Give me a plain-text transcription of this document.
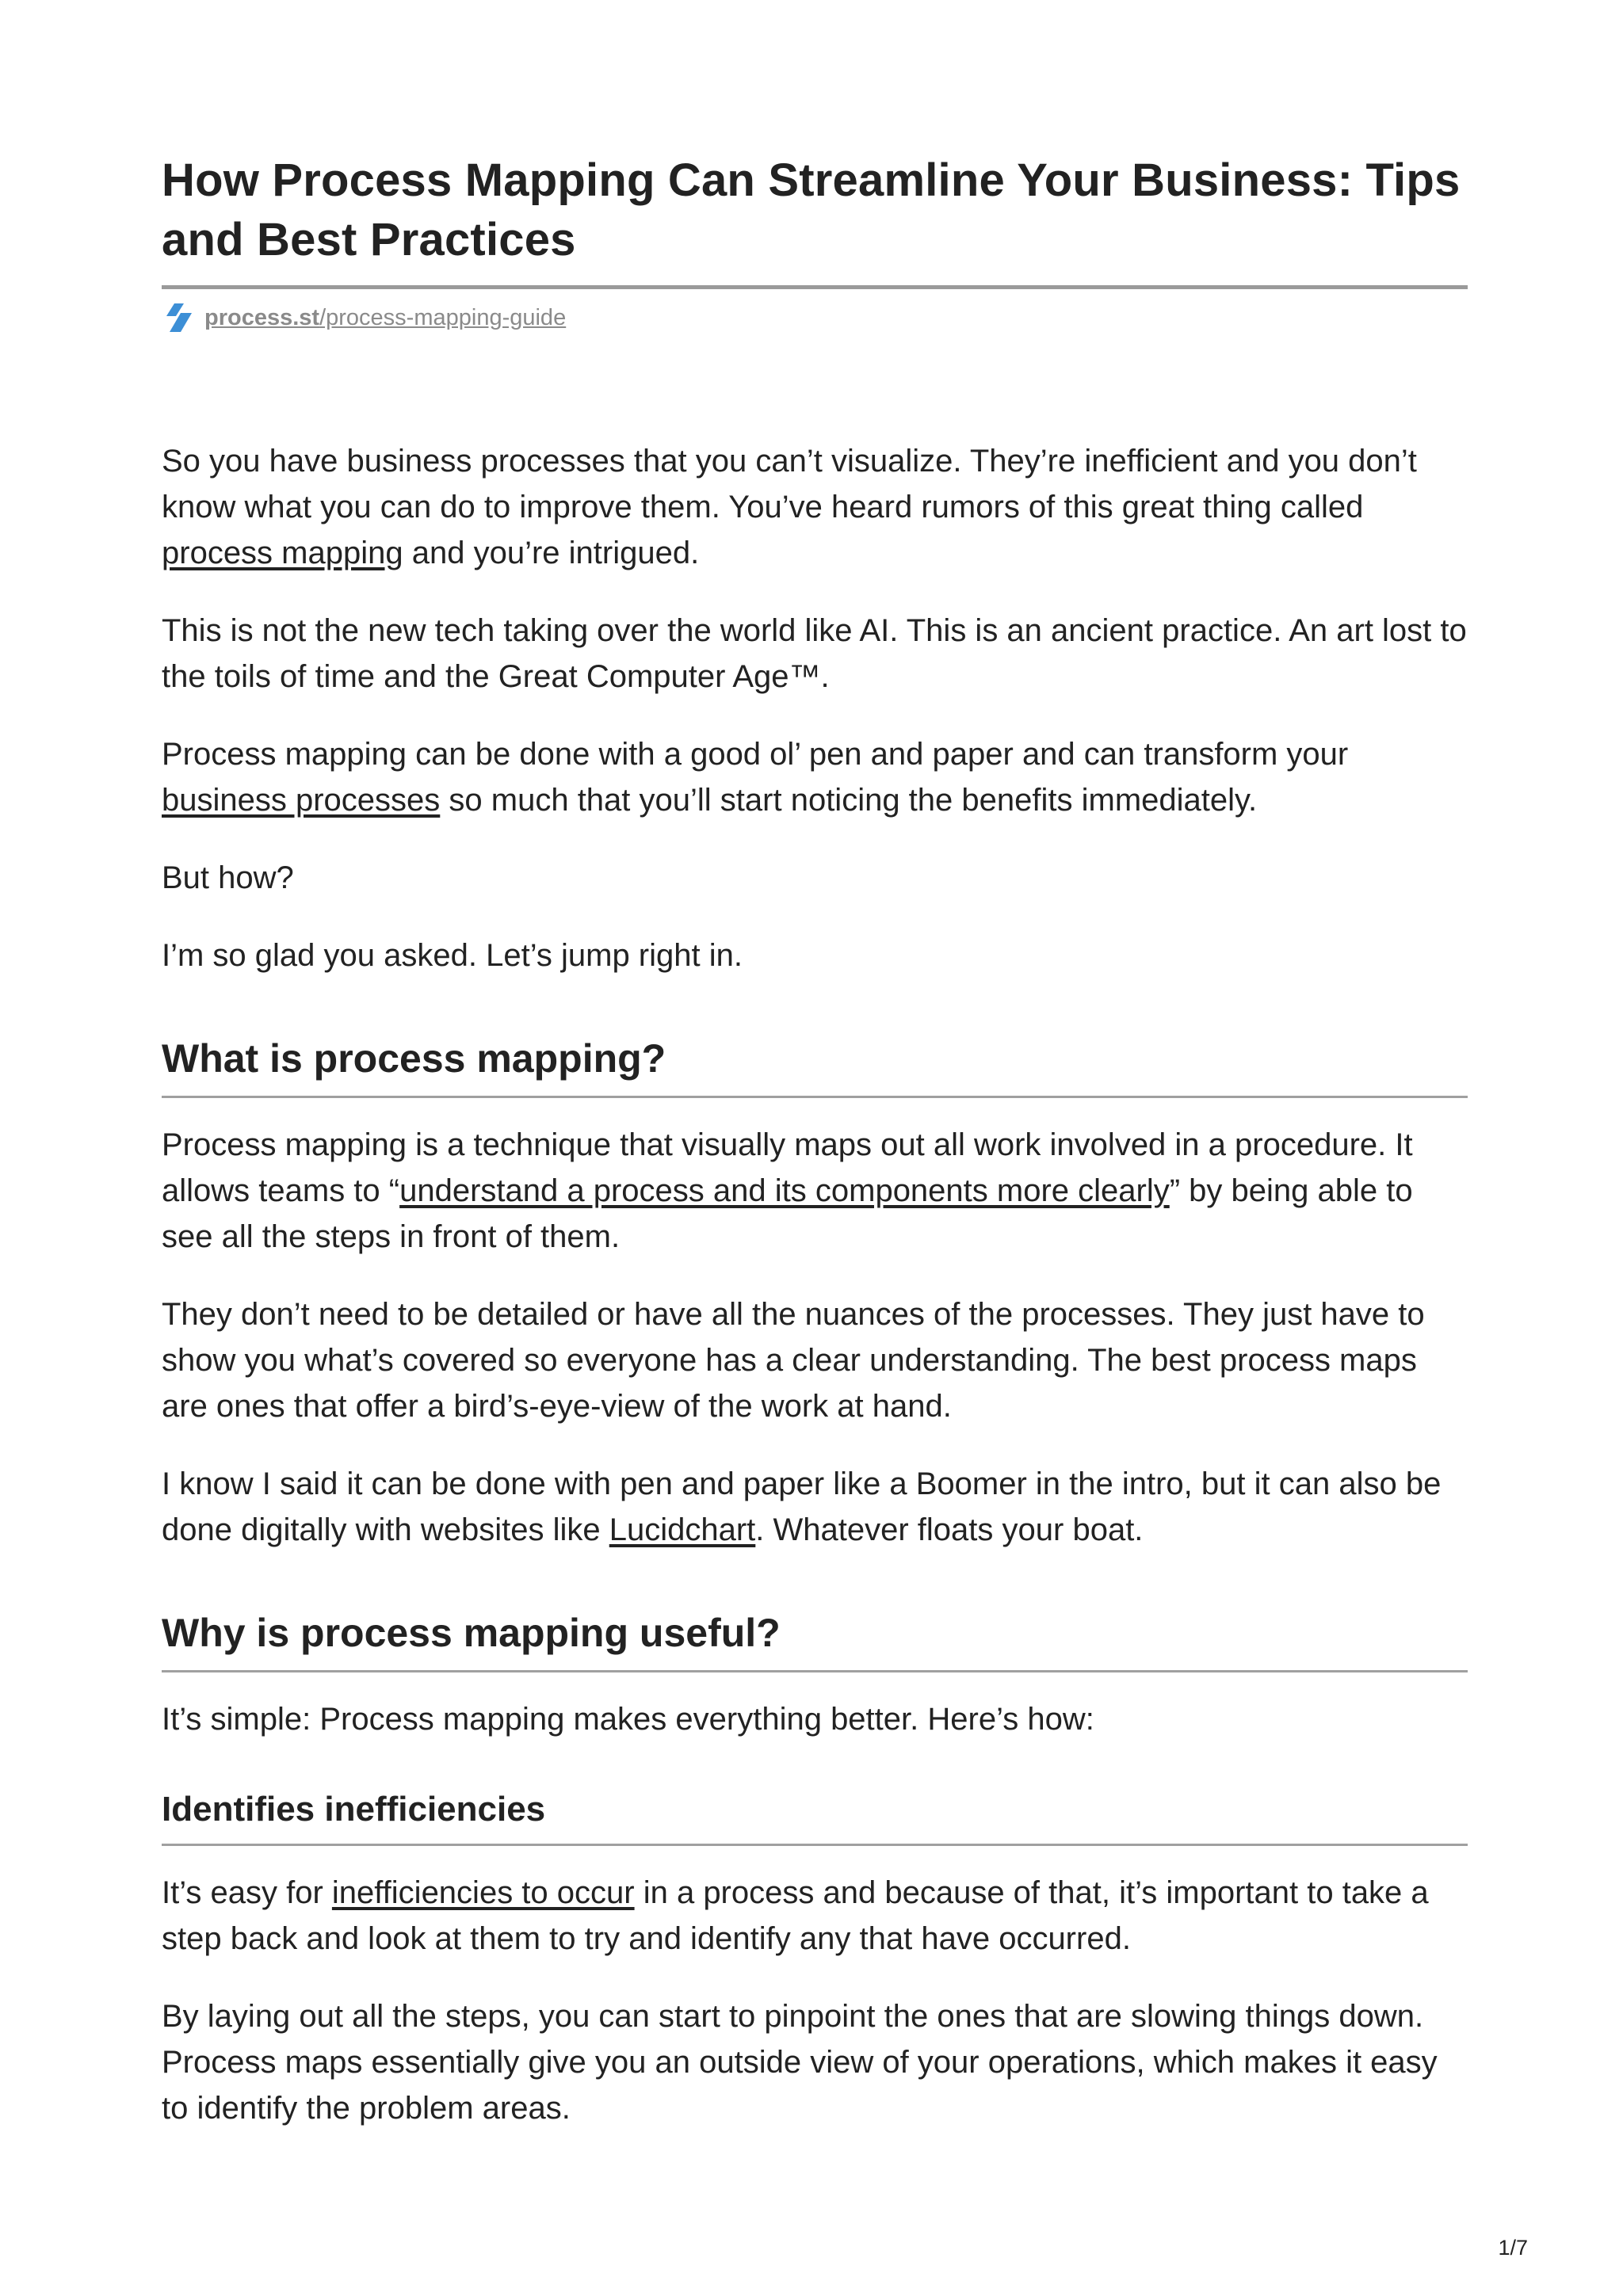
How Process Mapping Can Streamline Your Business: Tips and Best Practices
process.st/process-mapping-guide

So you have business processes that you can’t visualize. They’re inefficient and you don’t know what you can do to improve them. You’ve heard rumors of this great thing called process mapping and you’re intrigued.

This is not the new tech taking over the world like AI. This is an ancient practice. An art lost to the toils of time and the Great Computer Age™.

Process mapping can be done with a good ol’ pen and paper and can transform your business processes so much that you’ll start noticing the benefits immediately.

But how?

I’m so glad you asked. Let’s jump right in.

What is process mapping?

Process mapping is a technique that visually maps out all work involved in a procedure. It allows teams to “understand a process and its components more clearly” by being able to see all the steps in front of them.

They don’t need to be detailed or have all the nuances of the processes. They just have to show you what’s covered so everyone has a clear understanding. The best process maps are ones that offer a bird’s-eye-view of the work at hand.

I know I said it can be done with pen and paper like a Boomer in the intro, but it can also be done digitally with websites like Lucidchart. Whatever floats your boat.

Why is process mapping useful?

It’s simple: Process mapping makes everything better. Here’s how:

Identifies inefficiencies

It’s easy for inefficiencies to occur in a process and because of that, it’s important to take a step back and look at them to try and identify any that have occurred.

By laying out all the steps, you can start to pinpoint the ones that are slowing things down. Process maps essentially give you an outside view of your operations, which makes it easy to identify the problem areas.

1/7
